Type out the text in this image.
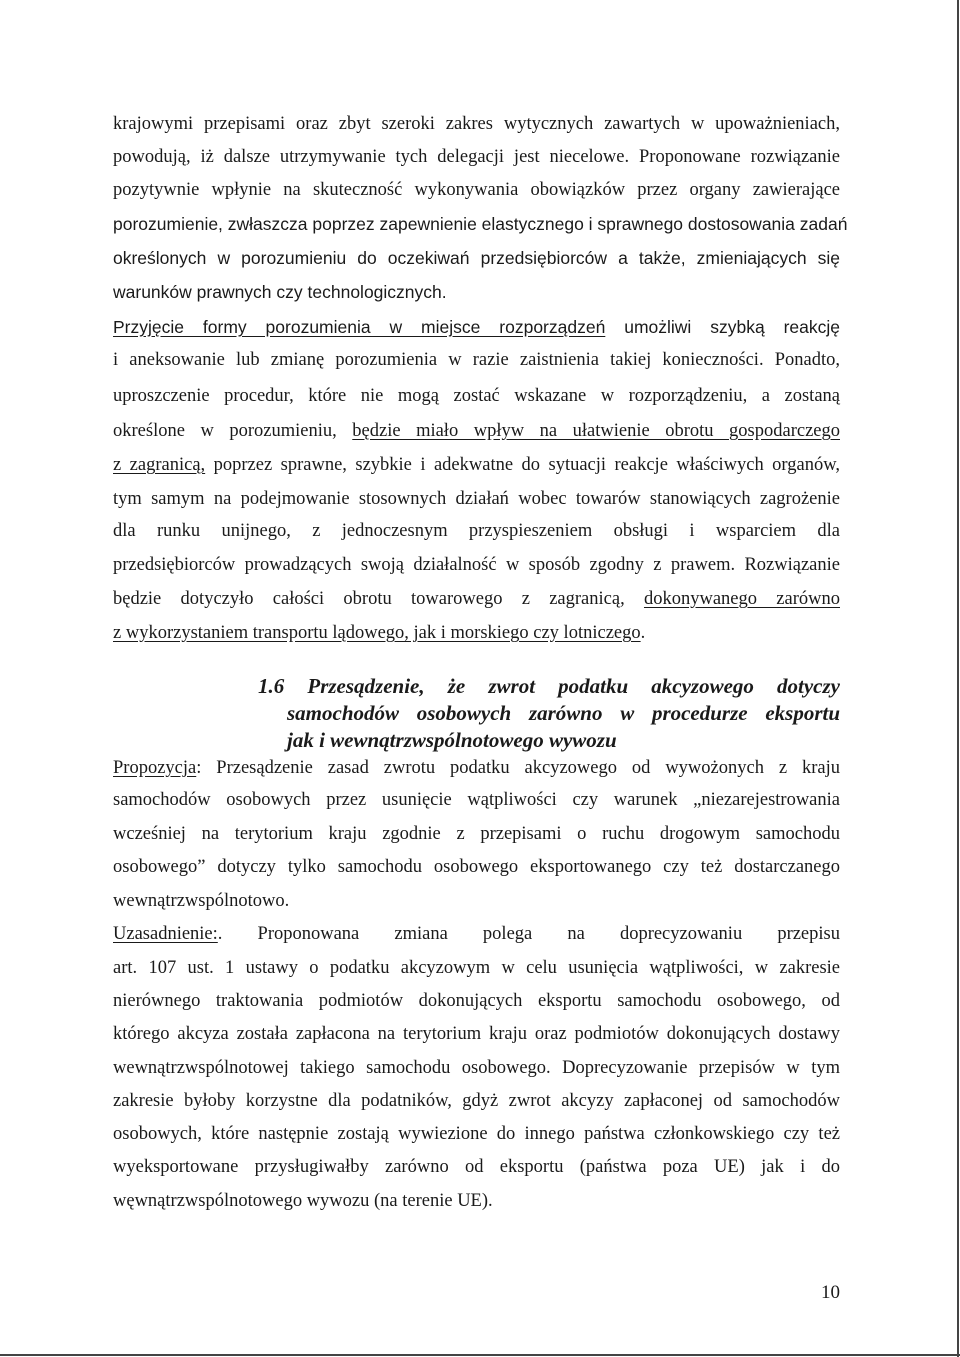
krajowymi przepisami oraz zbyt szeroki zakres wytycznych zawartych w upoważnieniach,
powodują, iż dalsze utrzymywanie tych delegacji jest niecelowe. Proponowane rozwiązanie
pozytywnie wpłynie na skuteczność wykonywania obowiązków przez organy zawierające
porozumienie, zwłaszcza poprzez zapewnienie elastycznego i sprawnego dostosowania zadań
określonych w porozumieniu do oczekiwań przedsiębiorców a także, zmieniających się
warunków prawnych czy technologicznych.
Przyjęcie formy porozumienia w miejsce rozporządzeń umożliwi szybką reakcję
i aneksowanie lub zmianę porozumienia w razie zaistnienia takiej konieczności. Ponadto,
uproszczenie procedur, które nie mogą zostać wskazane w rozporządzeniu, a zostaną
określone w porozumieniu, będzie miało wpływ na ułatwienie obrotu gospodarczego
z zagranicą, poprzez sprawne, szybkie i adekwatne do sytuacji reakcje właściwych organów,
tym samym na podejmowanie stosownych działań wobec towarów stanowiących zagrożenie
dla runku unijnego, z jednoczesnym przyspieszeniem obsługi i wsparciem dla
przedsiębiorców prowadzących swoją działalność w sposób zgodny z prawem. Rozwiązanie
będzie dotyczyło całości obrotu towarowego z zagranicą, dokonywanego zarówno
z wykorzystaniem transportu lądowego, jak i morskiego czy lotniczego.
1.6 Przesądzenie, że zwrot podatku akcyzowego dotyczy
samochodów osobowych zarówno w procedurze eksportu
jak i wewnątrzwspólnotowego wywozu
Propozycja: Przesądzenie zasad zwrotu podatku akcyzowego od wywożonych z kraju
samochodów osobowych przez usunięcie wątpliwości czy warunek „niezarejestrowania
wcześniej na terytorium kraju zgodnie z przepisami o ruchu drogowym samochodu
osobowego” dotyczy tylko samochodu osobowego eksportowanego czy też dostarczanego
wewnątrzwspólnotowo.
Uzasadnienie:. Proponowana zmiana polega na doprecyzowaniu przepisu
art. 107 ust. 1 ustawy o podatku akcyzowym w celu usunięcia wątpliwości, w zakresie
nierównego traktowania podmiotów dokonujących eksportu samochodu osobowego, od
którego akcyza została zapłacona na terytorium kraju oraz podmiotów dokonujących dostawy
wewnątrzwspólnotowej takiego samochodu osobowego. Doprecyzowanie przepisów w tym
zakresie byłoby korzystne dla podatników, gdyż zwrot akcyzy zapłaconej od samochodów
osobowych, które następnie zostają wywiezione do innego państwa członkowskiego czy też
wyeksportowane przysługiwałby zarówno od eksportu (państwa poza UE) jak i do
węwnątrzwspólnotowego wywozu (na terenie UE).
10
